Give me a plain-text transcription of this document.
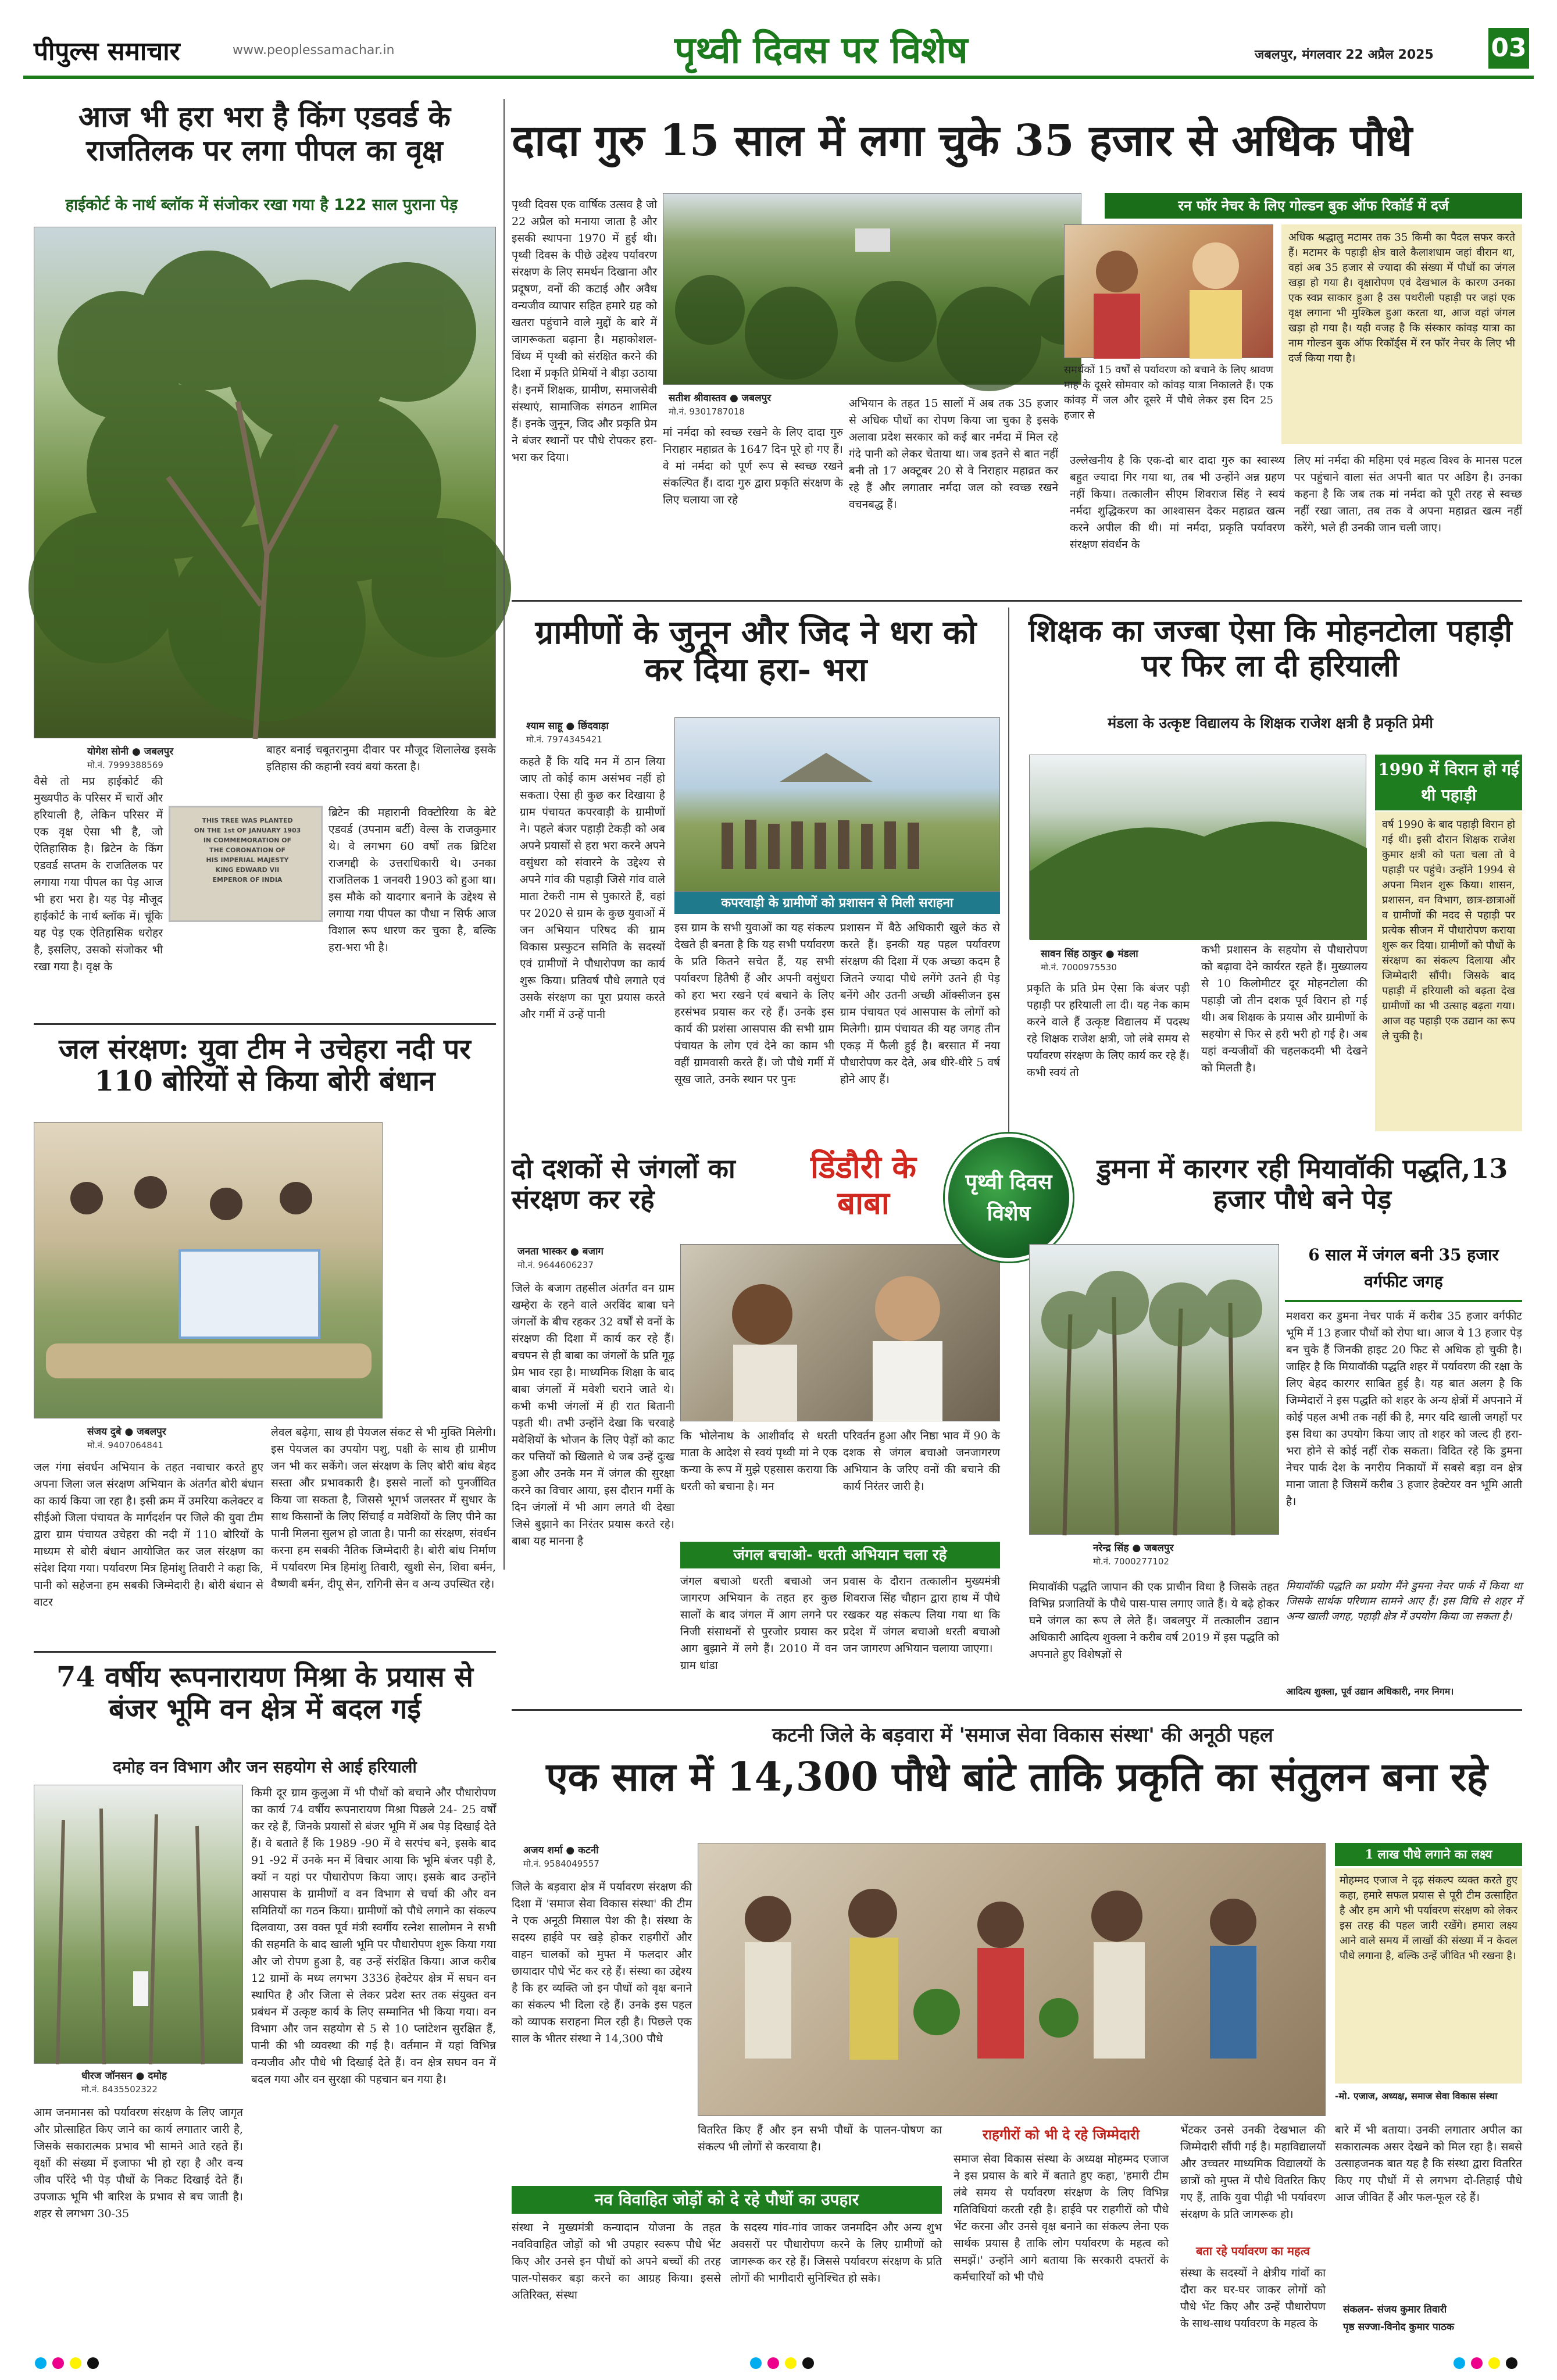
पीपुल्स समाचार	www.peoplessamachar.in	पृथ्वी दिवस पर विशेष	जबलपुर, मंगलवार 22 अप्रैल 2025 03
आज भी हरा भरा है किंग एडवर्ड के राजतिलक पर लगा पीपल का वृक्ष
हाईकोर्ट के नार्थ ब्लॉक में संजोकर रखा गया है 122 साल पुराना पेड़
योगेश सोनी ● जबलपुर
मो.नं. 7999388569
बाहर बनाई चबूतरानुमा दीवार पर मौजूद शिलालेख इसके इतिहास की कहानी स्वयं बयां करता है।
THIS TREE WAS PLANTED
ON THE 1st OF JANUARY 1903
IN COMMEMORATION OF
THE CORONATION OF
HIS IMPERIAL MAJESTY
KING EDWARD VII
EMPEROR OF INDIA
वैसे तो मप्र हाईकोर्ट की मुख्यपीठ के परिसर में चारों और हरियाली है, लेकिन परिसर में एक वृक्ष ऐसा भी है, जो ऐतिहासिक है। ब्रिटेन के किंग एडवर्ड सप्तम के राजतिलक पर लगाया गया पीपल का पेड़ आज भी हरा भरा है। यह पेड़ मौजूद हाईकोर्ट के नार्थ ब्लॉक में। चूंकि यह पेड़ एक ऐतिहासिक धरोहर है, इसलिए, उसको संजोकर भी रखा गया है। वृक्ष के
ब्रिटेन की महारानी विक्टोरिया के बेटे एडवर्ड (उपनाम बर्टी) वेल्स के राजकुमार थे। वे लगभग 60 वर्षों तक ब्रिटिश राजगद्दी के उत्तराधिकारी थे। उनका राजतिलक 1 जनवरी 1903 को हुआ था। इस मौके को यादगार बनाने के उद्देश्य से लगाया गया पीपल का पौधा न सिर्फ आज विशाल रूप धारण कर चुका है, बल्कि हरा-भरा भी है।
दादा गुरु 15 साल में लगा चुके 35 हजार से अधिक पौधे
पृथ्वी दिवस एक वार्षिक उत्सव है जो 22 अप्रैल को मनाया जाता है और इसकी स्थापना 1970 में हुई थी। पृथ्वी दिवस के पीछे उद्देश्य पर्यावरण संरक्षण के लिए समर्थन दिखाना और प्रदूषण, वनों की कटाई और अवैध वन्यजीव व्यापार सहित हमारे ग्रह को खतरा पहुंचाने वाले मुद्दों के बारे में जागरूकता बढ़ाना है। महाकोशल- विंध्य में पृथ्वी को संरक्षित करने की दिशा में प्रकृति प्रेमियों ने बीड़ा उठाया है। इनमें शिक्षक, ग्रामीण, समाजसेवी संस्थाएं, सामाजिक संगठन शामिल हैं। इनके जुनून, जिद और प्रकृति प्रेम ने बंजर स्थानों पर पौधे रोपकर हरा-भरा कर दिया।
सतीश श्रीवास्तव ● जबलपुर
मो.नं. 9301787018
रन फॉर नेचर के लिए गोल्डन बुक ऑफ रिकॉर्ड में दर्ज
समर्थकों 15 वर्षों से पर्यावरण को बचाने के लिए श्रावण माह के दूसरे सोमवार को कांवड़ यात्रा निकालते हैं। एक कांवड़ में जल और दूसरे में पौधे लेकर इस दिन 25 हजार से
अधिक श्रद्धालु मटामर तक 35 किमी का पैदल सफर करते हैं। मटामर के पहाड़ी क्षेत्र वाले कैलाशधाम जहां वीरान था, वहां अब 35 हजार से ज्यादा की संख्या में पौधों का जंगल खड़ा हो गया है। वृक्षारोपण एवं देखभाल के कारण उनका एक स्वप्न साकार हुआ है उस पथरीली पहाड़ी पर जहां एक वृक्ष लगाना भी मुश्किल हुआ करता था, आज वहां जंगल खड़ा हो गया है। यही वजह है कि संस्कार कांवड़ यात्रा का नाम गोल्डन बुक ऑफ रिकॉर्ड्स में रन फॉर नेचर के लिए भी दर्ज किया गया है।
मां नर्मदा को स्वच्छ रखने के लिए दादा गुरु निराहार महाव्रत के 1647 दिन पूरे हो गए हैं। वे मां नर्मदा को पूर्ण रूप से स्वच्छ रखने संकल्पित हैं। दादा गुरु द्वारा प्रकृति संरक्षण के लिए चलाया जा रहे
अभियान के तहत 15 सालों में अब तक 35 हजार से अधिक पौधों का रोपण किया जा चुका है इसके अलावा प्रदेश सरकार को कई बार नर्मदा में मिल रहे गंदे पानी को लेकर चेताया था। जब इतने से बात नहीं बनी तो 17 अक्टूबर 20 से वे निराहार महाव्रत कर रहे हैं और लगातार नर्मदा जल को स्वच्छ रखने वचनबद्ध हैं।
उल्लेखनीय है कि एक-दो बार दादा गुरु का स्वास्थ्य बहुत ज्यादा गिर गया था, तब भी उन्होंने अन्न ग्रहण नहीं किया। तत्कालीन सीएम शिवराज सिंह ने स्वयं नर्मदा शुद्धिकरण का आश्वासन देकर महाव्रत खत्म करने अपील की थी। मां नर्मदा, प्रकृति पर्यावरण संरक्षण संवर्धन के
लिए मां नर्मदा की महिमा एवं महत्व विश्व के मानस पटल पर पहुंचाने वाला संत अपनी बात पर अडिग है। उनका कहना है कि जब तक मां नर्मदा को पूरी तरह से स्वच्छ नहीं रखा जाता, तब तक वे अपना महाव्रत खत्म नहीं करेंगे, भले ही उनकी जान चली जाए।
ग्रामीणों के जुनून और जिद ने धरा को कर दिया हरा- भरा
श्याम साहू ● छिंदवाड़ा
मो.नं. 7974345421
कहते हैं कि यदि मन में ठान लिया जाए तो कोई काम असंभव नहीं हो सकता। ऐसा ही कुछ कर दिखाया है ग्राम पंचायत कपरवाड़ी के ग्रामीणों ने। पहले बंजर पहाड़ी टेकड़ी को अब अपने प्रयासों से हरा भरा करने अपने वसुंधरा को संवारने के उद्देश्य से अपने गांव की पहाड़ी जिसे गांव वाले माता टेकरी नाम से पुकारते हैं, वहां पर 2020 से ग्राम के कुछ युवाओं में जन अभियान परिषद की ग्राम विकास प्रस्फुटन समिति के सदस्यों एवं ग्रामीणों ने पौधारोपण का कार्य शुरू किया। प्रतिवर्ष पौधे लगाते एवं उसके संरक्षण का पूरा प्रयास करते और गर्मी में उन्हें पानी
कपरवाड़ी के ग्रामीणों को प्रशासन से मिली सराहना
इस ग्राम के सभी युवाओं का यह संकल्प देखते ही बनता है कि यह सभी पर्यावरण के प्रति कितने सचेत हैं, यह सभी पर्यावरण हितैषी हैं और अपनी वसुंधरा को हरा भरा रखने एवं बचाने के लिए हरसंभव प्रयास कर रहे हैं। उनके इस कार्य की प्रशंसा आसपास की सभी ग्राम पंचायत के लोग एवं देने का काम भी वहीं ग्रामवासी करते हैं। जो पौधे गर्मी में सूख जाते, उनके स्थान पर पुनः
प्रशासन में बैठे अधिकारी खुले कंठ से करते हैं। इनकी यह पहल पर्यावरण संरक्षण की दिशा में एक अच्छा कदम है जितने ज्यादा पौधे लगेंगे उतने ही पेड़ बनेंगे और उतनी अच्छी ऑक्सीजन इस ग्राम पंचायत एवं आसपास के लोगों को मिलेगी। ग्राम पंचायत की यह जगह तीन एकड़ में फैली हुई है। बरसात में नया पौधारोपण कर देते, अब धीरे-धीरे 5 वर्ष होने आए हैं।
शिक्षक का जज्बा ऐसा कि मोहनटोला पहाड़ी पर फिर ला दी हरियाली
मंडला के उत्कृष्ट विद्यालय के शिक्षक राजेश क्षत्री है प्रकृति प्रेमी
सावन सिंह ठाकुर ● मंडला
मो.नं. 7000975530
1990 में विरान हो गई थी पहाड़ी
वर्ष 1990 के बाद पहाड़ी विरान हो गई थी। इसी दौरान शिक्षक राजेश कुमार क्षत्री को पता चला तो वे पहाड़ी पर पहुंचे। उन्होंने 1994 से अपना मिशन शुरू किया। शासन, प्रशासन, वन विभाग, छात्र-छात्राओं व ग्रामीणों की मदद से पहाड़ी पर प्रत्येक सीजन में पौधारोपण कराया शुरू कर दिया। ग्रामीणों को पौधों के संरक्षण का संकल्प दिलाया और जिम्मेदारी सौंपी। जिसके बाद पहाड़ी में हरियाली को बढ़ता देख ग्रामीणों का भी उत्साह बढ़ता गया। आज वह पहाड़ी एक उद्यान का रूप ले चुकी है।
प्रकृति के प्रति प्रेम ऐसा कि बंजर पड़ी पहाड़ी पर हरियाली ला दी। यह नेक काम करने वाले हैं उत्कृष्ट विद्यालय में पदस्थ रहे शिक्षक राजेश क्षत्री, जो लंबे समय से पर्यावरण संरक्षण के लिए कार्य कर रहे हैं। कभी स्वयं तो
कभी प्रशासन के सहयोग से पौधारोपण को बढ़ावा देने कार्यरत रहते हैं। मुख्यालय से 10 किलोमीटर दूर मोहनटोला की पहाड़ी जो तीन दशक पूर्व विरान हो गई थी। अब शिक्षक के प्रयास और ग्रामीणों के सहयोग से फिर से हरी भरी हो गई है। अब यहां वन्यजीवों की चहलकदमी भी देखने को मिलती है।
जल संरक्षण: युवा टीम ने उचेहरा नदी पर 110 बोरियों से किया बोरी बंधान
संजय दुबे ● जबलपुर
मो.नं. 9407064841
जल गंगा संवर्धन अभियान के तहत नवाचार करते हुए अपना जिला जल संरक्षण अभियान के अंतर्गत बोरी बंधान का कार्य किया जा रहा है। इसी क्रम में उमरिया कलेक्टर व सीईओ जिला पंचायत के मार्गदर्शन पर जिले की युवा टीम द्वारा ग्राम पंचायत उचेहरा की नदी में 110 बोरियों के माध्यम से बोरी बंधान आयोजित कर जल संरक्षण का संदेश दिया गया। पर्यावरण मित्र हिमांशु तिवारी ने कहा कि, पानी को सहेजना हम सबकी जिम्मेदारी है। बोरी बंधान से वाटर
लेवल बढ़ेगा, साथ ही पेयजल संकट से भी मुक्ति मिलेगी। इस पेयजल का उपयोग पशु, पक्षी के साथ ही ग्रामीण जन भी कर सकेंगे। जल संरक्षण के लिए बोरी बांध बेहद सस्ता और प्रभावकारी है। इससे नालों को पुनर्जीवित किया जा सकता है, जिससे भूगर्भ जलस्तर में सुधार के साथ किसानों के लिए सिंचाई व मवेशियों के लिए पीने का पानी मिलना सुलभ हो जाता है। पानी का संरक्षण, संवर्धन करना हम सबकी नैतिक जिम्मेदारी है। बोरी बांध निर्माण में पर्यावरण मित्र हिमांशु तिवारी, खुशी सेन, शिवा बर्मन, वैष्णवी बर्मन, दीपू सेन, रागिनी सेन व अन्य उपस्थित रहे।
दो दशकों से जंगलों का संरक्षण कर रहे
डिंडौरी के बाबा
जनता भास्कर ● बजाग
मो.नं. 9644606237
जिले के बजाग तहसील अंतर्गत वन ग्राम खम्हेरा के रहने वाले अरविंद बाबा घने जंगलों के बीच रहकर 32 वर्षों से वनों के संरक्षण की दिशा में कार्य कर रहे हैं। बचपन से ही बाबा का जंगलों के प्रति गूढ़ प्रेम भाव रहा है। माध्यमिक शिक्षा के बाद बाबा जंगलों में मवेशी चराने जाते थे। कभी कभी जंगलों में ही रात बितानी पड़ती थी। तभी उन्होंने देखा कि चरवाहे मवेशियों के भोजन के लिए पेड़ों को काट कर पत्तियों को खिलाते थे जब उन्हें दुःख हुआ और उनके मन में जंगल की सुरक्षा करने का विचार आया, इस दौरान गर्मी के दिन जंगलों में भी आग लगते थी देखा जिसे बुझाने का निरंतर प्रयास करते रहे। बाबा यह मानना है
कि भोलेनाथ के आशीर्वाद से धरती माता के आदेश से स्वयं पृथ्वी मां ने एक कन्या के रूप में मुझे एहसास कराया कि धरती को बचाना है। मन
परिवर्तन हुआ और निष्ठा भाव में 90 के दशक से जंगल बचाओ जनजागरण अभियान के जरिए वनों की बचाने की कार्य निरंतर जारी है।
जंगल बचाओ- धरती अभियान चला रहे
जंगल बचाओ धरती बचाओ जन जागरण अभियान के तहत हर कुछ सालों के बाद जंगल में आग लगने पर निजी संसाधनों से पुरजोर प्रयास कर आग बुझाने में लगे हैं। 2010 में वन ग्राम धांडा
प्रवास के दौरान तत्कालीन मुख्यमंत्री शिवराज सिंह चौहान द्वारा हाथ में पौधे रखकर यह संकल्प लिया गया था कि प्रदेश में जंगल बचाओ धरती बचाओ जन जागरण अभियान चलाया जाएगा।
पृथ्वी दिवस विशेष
डुमना में कारगर रही मियावॉकी पद्धति,13 हजार पौधे बने पेड़
6 साल में जंगल बनी 35 हजार वर्गफीट जगह
नरेन्द्र सिंह ● जबलपुर
मो.नं. 7000277102
मशवरा कर डुमना नेचर पार्क में करीब 35 हजार वर्गफीट भूमि में 13 हजार पौधों को रोपा था। आज ये 13 हजार पेड़ बन चुके हैं जिनकी हाइट 20 फिट से अधिक हो चुकी है। जाहिर है कि मियावॉकी पद्धति शहर में पर्यावरण की रक्षा के लिए बेहद कारगर साबित हुई है। यह बात अलग है कि जिम्मेदारों ने इस पद्धति को शहर के अन्य क्षेत्रों में अपनाने में कोई पहल अभी तक नहीं की है, मगर यदि खाली जगहों पर इस विधा का उपयोग किया जाए तो शहर को जल्द ही हरा-भरा होने से कोई नहीं रोक सकता। विदित रहे कि डुमना नेचर पार्क देश के नगरीय निकायों में सबसे बड़ा वन क्षेत्र माना जाता है जिसमें करीब 3 हजार हेक्टेयर वन भूमि आती है।
मियावॉकी पद्धति जापान की एक प्राचीन विधा है जिसके तहत विभिन्न प्रजातियों के पौधे पास-पास लगाए जाते हैं। ये बढ़े होकर घने जंगल का रूप ले लेते हैं। जबलपुर में तत्कालीन उद्यान अधिकारी आदित्य शुक्ला ने करीब वर्ष 2019 में इस पद्धति को अपनाते हुए विशेषज्ञों से
मियावॉकी पद्धति का प्रयोग मैंने डुमना नेचर पार्क में किया था जिसके सार्थक परिणाम सामने आए हैं। इस विधि से शहर में अन्य खाली जगह, पहाड़ी क्षेत्र में उपयोग किया जा सकता है।
आदित्य शुक्ला, पूर्व उद्यान अधिकारी, नगर निगम।
74 वर्षीय रूपनारायण मिश्रा के प्रयास से बंजर भूमि वन क्षेत्र में बदल गई
दमोह वन विभाग और जन सहयोग से आई हरियाली
धीरज जॉनसन ● दमोह
मो.नं. 8435502322
किमी दूर ग्राम कुलुआ में भी पौधों को बचाने और पौधारोपण का कार्य 74 वर्षीय रूपनारायण मिश्रा पिछले 24- 25 वर्षों कर रहे हैं, जिनके प्रयासों से बंजर भूमि में अब पेड़ दिखाई देते हैं। वे बताते हैं कि 1989 -90 में वे सरपंच बने, इसके बाद 91 -92 में उनके मन में विचार आया कि भूमि बंजर पड़ी है, क्यों न यहां पर पौधारोपण किया जाए। इसके बाद उन्होंने आसपास के ग्रामीणों व वन विभाग से चर्चा की और वन समितियों का गठन किया। ग्रामीणों को पौधे लगाने का संकल्प दिलवाया, उस वक्त पूर्व मंत्री स्वर्गीय रत्नेश सालोमन ने सभी की सहमति के बाद खाली भूमि पर पौधारोपण शुरू किया गया और जो रोपण हुआ है, वह उन्हें संरक्षित किया। आज करीब 12 ग्रामों के मध्य लगभग 3336 हेक्टेयर क्षेत्र में सघन वन स्थापित है और जिला से लेकर प्रदेश स्तर तक संयुक्त वन प्रबंधन में उत्कृष्ट कार्य के लिए सम्मानित भी किया गया। वन विभाग और जन सहयोग से 5 से 10 प्लांटेशन सुरक्षित हैं, पानी की भी व्यवस्था की गई है। वर्तमान में यहां विभिन्न वन्यजीव और पौधे भी दिखाई देते हैं। वन क्षेत्र सघन वन में बदल गया और वन सुरक्षा की पहचान बन गया है।
आम जनमानस को पर्यावरण संरक्षण के लिए जागृत और प्रोत्साहित किए जाने का कार्य लगातार जारी है, जिसके सकारात्मक प्रभाव भी सामने आते रहते हैं। वृक्षों की संख्या में इजाफा भी हो रहा है और वन्य जीव परिंदे भी पेड़ पौधों के निकट दिखाई देते हैं। उपजाऊ भूमि भी बारिश के प्रभाव से बच जाती है। शहर से लगभग 30-35
कटनी जिले के बड़वारा में 'समाज सेवा विकास संस्था' की अनूठी पहल
एक साल में 14,300 पौधे बांटे ताकि प्रकृति का संतुलन बना रहे
अजय शर्मा ● कटनी
मो.नं. 9584049557
जिले के बड़वारा क्षेत्र में पर्यावरण संरक्षण की दिशा में 'समाज सेवा विकास संस्था' की टीम ने एक अनूठी मिसाल पेश की है। संस्था के सदस्य हाईवे पर खड़े होकर राहगीरों और वाहन चालकों को मुफ्त में फलदार और छायादार पौधे भेंट कर रहे हैं। संस्था का उद्देश्य है कि हर व्यक्ति जो इन पौधों को वृक्ष बनाने का संकल्प भी दिला रहे हैं। उनके इस पहल को व्यापक सराहना मिल रही है। पिछले एक साल के भीतर संस्था ने 14,300 पौधे
वितरित किए हैं और इन सभी पौधों के पालन-पोषण का संकल्प भी लोगों से करवाया है।
राहगीरों को भी दे रहे जिम्मेदारी
नव विवाहित जोड़ों को दे रहे पौधों का उपहार
संस्था ने मुख्यमंत्री कन्यादान योजना के तहत नवविवाहित जोड़ों को भी उपहार स्वरूप पौधे भेंट किए और उनसे इन पौधों को अपने बच्चों की तरह पाल-पोसकर बड़ा करने का आग्रह किया। इससे अतिरिक्त, संस्था
के सदस्य गांव-गांव जाकर जनमदिन और अन्य शुभ अवसरों पर पौधारोपण करने के लिए ग्रामीणों को जागरूक कर रहे हैं। जिससे पर्यावरण संरक्षण के प्रति लोगों की भागीदारी सुनिश्चित हो सके।
समाज सेवा विकास संस्था के अध्यक्ष मोहम्मद एजाज ने इस प्रयास के बारे में बताते हुए कहा, 'हमारी टीम लंबे समय से पर्यावरण संरक्षण के लिए विभिन्न गतिविधियां करती रही है। हाईवे पर राहगीरों को पौधे भेंट करना और उनसे वृक्ष बनाने का संकल्प लेना एक सार्थक प्रयास है ताकि लोग पर्यावरण के महत्व को समझें।' उन्होंने आगे बताया कि सरकारी दफ्तरों के कर्मचारियों को भी पौधे
भेंटकर उनसे उनकी देखभाल की जिम्मेदारी सौंपी गई है। महाविद्यालयों और उच्चतर माध्यमिक विद्यालयों के छात्रों को मुफ्त में पौधे वितरित किए गए हैं, ताकि युवा पीढ़ी भी पर्यावरण संरक्षण के प्रति जागरूक हो।
बता रहे पर्यावरण का महत्व
संस्था के सदस्यों ने क्षेत्रीय गांवों का दौरा कर घर-घर जाकर लोगों को पौधे भेंट किए और उन्हें पौधारोपण के साथ-साथ पर्यावरण के महत्व के
1 लाख पौधे लगाने का लक्ष्य
मोहम्मद एजाज ने दृढ़ संकल्प व्यक्त करते हुए कहा, हमारे सफल प्रयास से पूरी टीम उत्साहित है और हम आगे भी पर्यावरण संरक्षण को लेकर इस तरह की पहल जारी रखेंगे। हमारा लक्ष्य आने वाले समय में लाखों की संख्या में न केवल पौधे लगाना है, बल्कि उन्हें जीवित भी रखना है।
-मो. एजाज, अध्यक्ष, समाज सेवा विकास संस्था
बारे में भी बताया। उनकी लगातार अपील का सकारात्मक असर देखने को मिल रहा है। सबसे उत्साहजनक बात यह है कि संस्था द्वारा वितरित किए गए पौधों में से लगभग दो-तिहाई पौधे आज जीवित हैं और फल-फूल रहे हैं।
संकलन- संजय कुमार तिवारी
पृष्ठ सज्जा-विनोद कुमार पाठक
